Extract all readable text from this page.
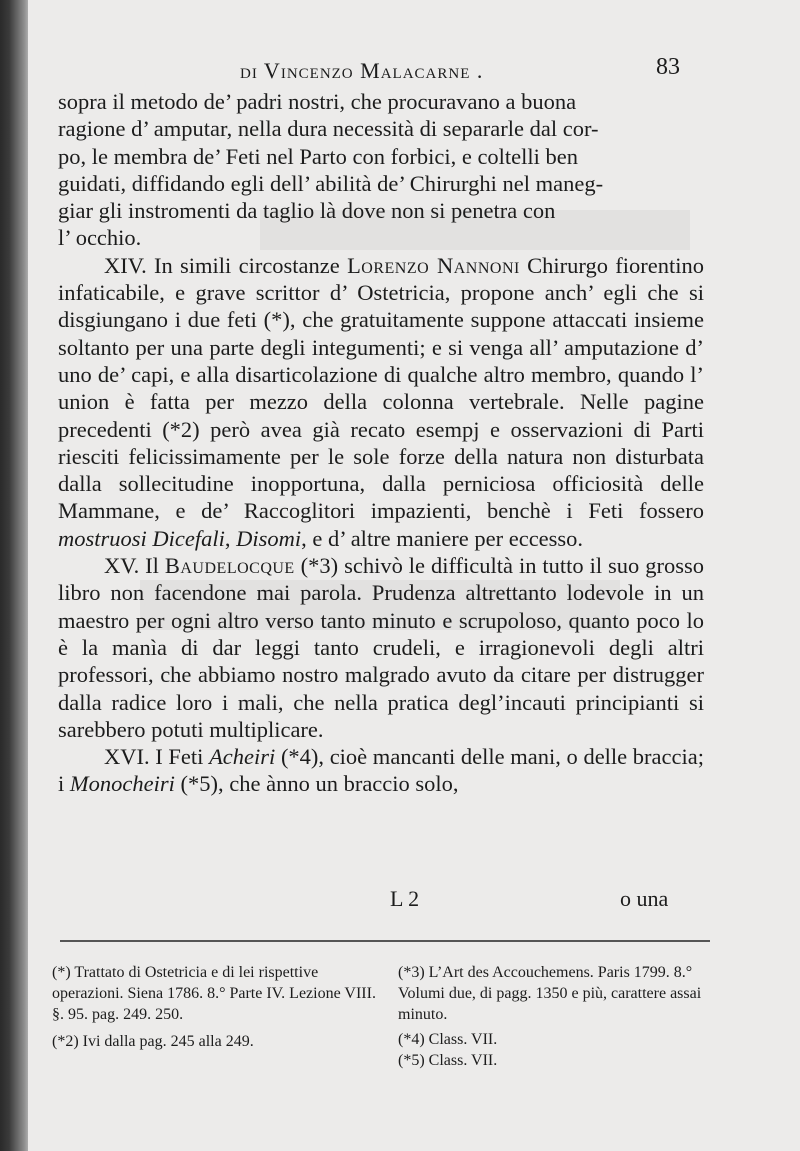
di Vincenzo Malacarne .	83

sopra il metodo de’ padri nostri, che procuravano a buona

ragione d’ amputar, nella dura necessità di separarle dal cor-

po, le membra de’ Feti nel Parto con forbici, e coltelli ben

guidati, diffidando egli dell’ abilità de’ Chirurghi nel maneg-

giar gli instromenti da taglio là dove non si penetra con

l’ occhio.

XIV. In simili circostanze Lorenzo Nannoni Chirurgo fiorentino infaticabile, e grave scrittor d’ Ostetricia, propone anch’ egli che si disgiungano i due feti (*), che gratuitamente suppone attaccati insieme soltanto per una parte degli integumenti; e si venga all’ amputazione d’ uno de’ capi, e alla disarticolazione di qualche altro membro, quando l’ union è fatta per mezzo della colonna vertebrale. Nelle pagine precedenti (*2) però avea già recato esempj e osservazioni di Parti riesciti felicissimamente per le sole forze della natura non disturbata dalla sollecitudine inopportuna, dalla perniciosa officiosità delle Mammane, e de’ Raccoglitori impazienti, benchè i Feti fossero mostruosi Dicefali, Disomi, e d’ altre maniere per eccesso.

XV. Il Baudelocque (*3) schivò le difficultà in tutto il suo grosso libro non facendone mai parola. Prudenza altrettanto lodevole in un maestro per ogni altro verso tanto minuto e scrupoloso, quanto poco lo è la manìa di dar leggi tanto crudeli, e irragionevoli degli altri professori, che abbiamo nostro malgrado avuto da citare per distrugger dalla radice loro i mali, che nella pratica degl’incauti principianti si sarebbero potuti multiplicare.

XVI. I Feti Acheiri (*4), cioè mancanti delle mani, o delle braccia; i Monocheiri (*5), che ànno un braccio solo,

L 2	o una

(*) Trattato di Ostetricia e di lei rispettive operazioni. Siena 1786. 8.° Parte IV. Lezione VIII. §. 95. pag. 249. 250.

(*2) Ivi dalla pag. 245 alla 249.

(*3) L’Art des Accouchemens. Paris 1799. 8.° Volumi due, di pagg. 1350 e più, carattere assai minuto.

(*4) Class. VII.

(*5) Class. VII.
